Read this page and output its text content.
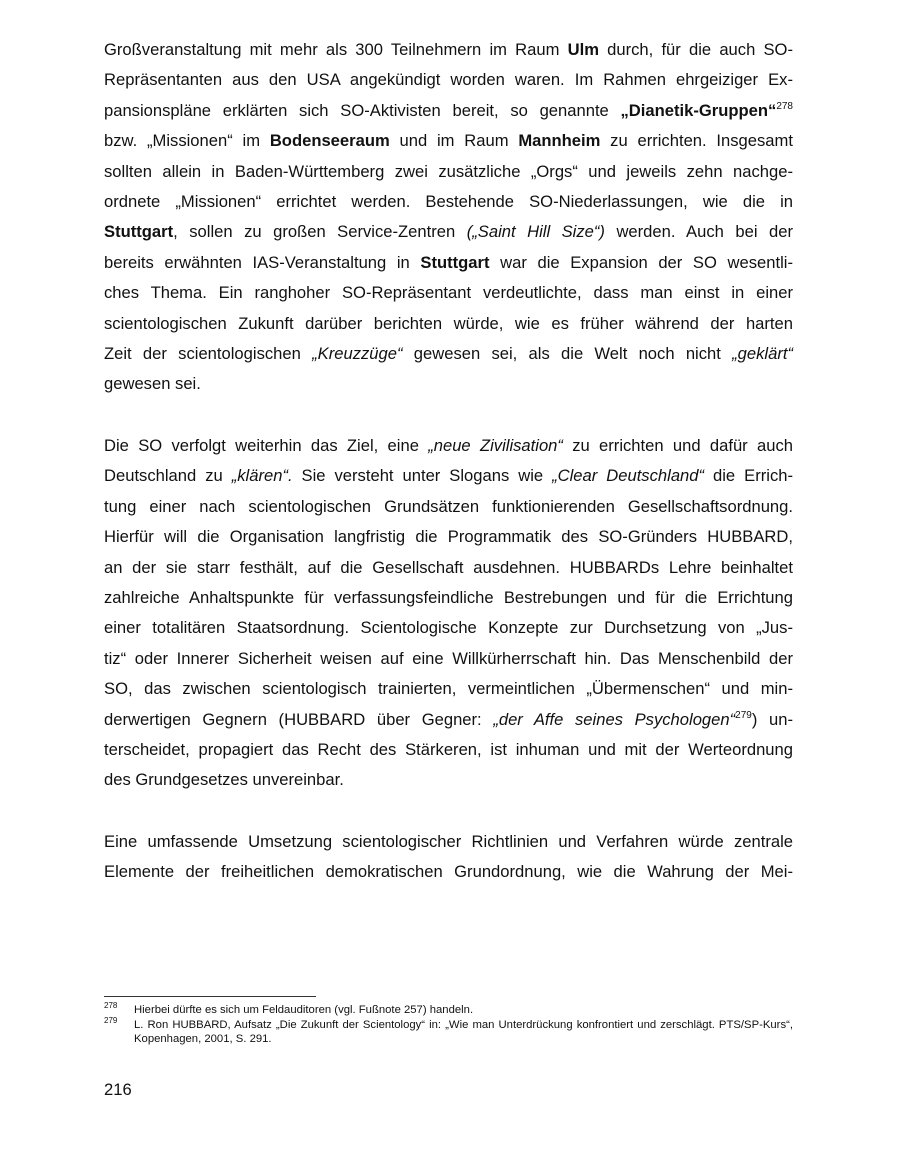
Großveranstaltung mit mehr als 300 Teilnehmern im Raum Ulm durch, für die auch SO-
Repräsentanten aus den USA angekündigt worden waren. Im Rahmen ehrgeiziger Ex-
pansionspläne erklärten sich SO-Aktivisten bereit, so genannte „Dianetik-Gruppen“$^{278}$
bzw. „Missionen“ im Bodenseeraum und im Raum Mannheim zu errichten. Insgesamt
sollten allein in Baden-Württemberg zwei zusätzliche „Orgs“ und jeweils zehn nachge-
ordnete „Missionen“ errichtet werden. Bestehende SO-Niederlassungen, wie die in
Stuttgart, sollen zu großen Service-Zentren („Saint Hill Size“) werden. Auch bei der
bereits erwähnten IAS-Veranstaltung in Stuttgart war die Expansion der SO wesentli-
ches Thema. Ein ranghoher SO-Repräsentant verdeutlichte, dass man einst in einer
scientologischen Zukunft darüber berichten würde, wie es früher während der harten
Zeit der scientologischen „Kreuzzüge“ gewesen sei, als die Welt noch nicht „geklärt“
gewesen sei.
Die SO verfolgt weiterhin das Ziel, eine „neue Zivilisation“ zu errichten und dafür auch
Deutschland zu „klären“. Sie versteht unter Slogans wie „Clear Deutschland“ die Errich-
tung einer nach scientologischen Grundsätzen funktionierenden Gesellschaftsordnung.
Hierfür will die Organisation langfristig die Programmatik des SO-Gründers HUBBARD,
an der sie starr festhält, auf die Gesellschaft ausdehnen. HUBBARDs Lehre beinhaltet
zahlreiche Anhaltspunkte für verfassungsfeindliche Bestrebungen und für die Errichtung
einer totalitären Staatsordnung. Scientologische Konzepte zur Durchsetzung von „Jus-
tiz“ oder Innerer Sicherheit weisen auf eine Willkürherrschaft hin. Das Menschenbild der
SO, das zwischen scientologisch trainierten, vermeintlichen „Übermenschen“ und min-
derwertigen Gegnern (HUBBARD über Gegner: „der Affe seines Psychologen“$^{279}$) un-
terscheidet, propagiert das Recht des Stärkeren, ist inhuman und mit der Werteordnung
des Grundgesetzes unvereinbar.
Eine umfassende Umsetzung scientologischer Richtlinien und Verfahren würde zentrale
Elemente der freiheitlichen demokratischen Grundordnung, wie die Wahrung der Mei-
278 Hierbei dürfte es sich um Feldauditoren (vgl. Fußnote 257) handeln.
279 L. Ron HUBBARD, Aufsatz „Die Zukunft der Scientology“ in: „Wie man Unterdrückung konfrontiert und zerschlägt. PTS/SP-Kurs“, Kopenhagen, 2001, S. 291.
216
